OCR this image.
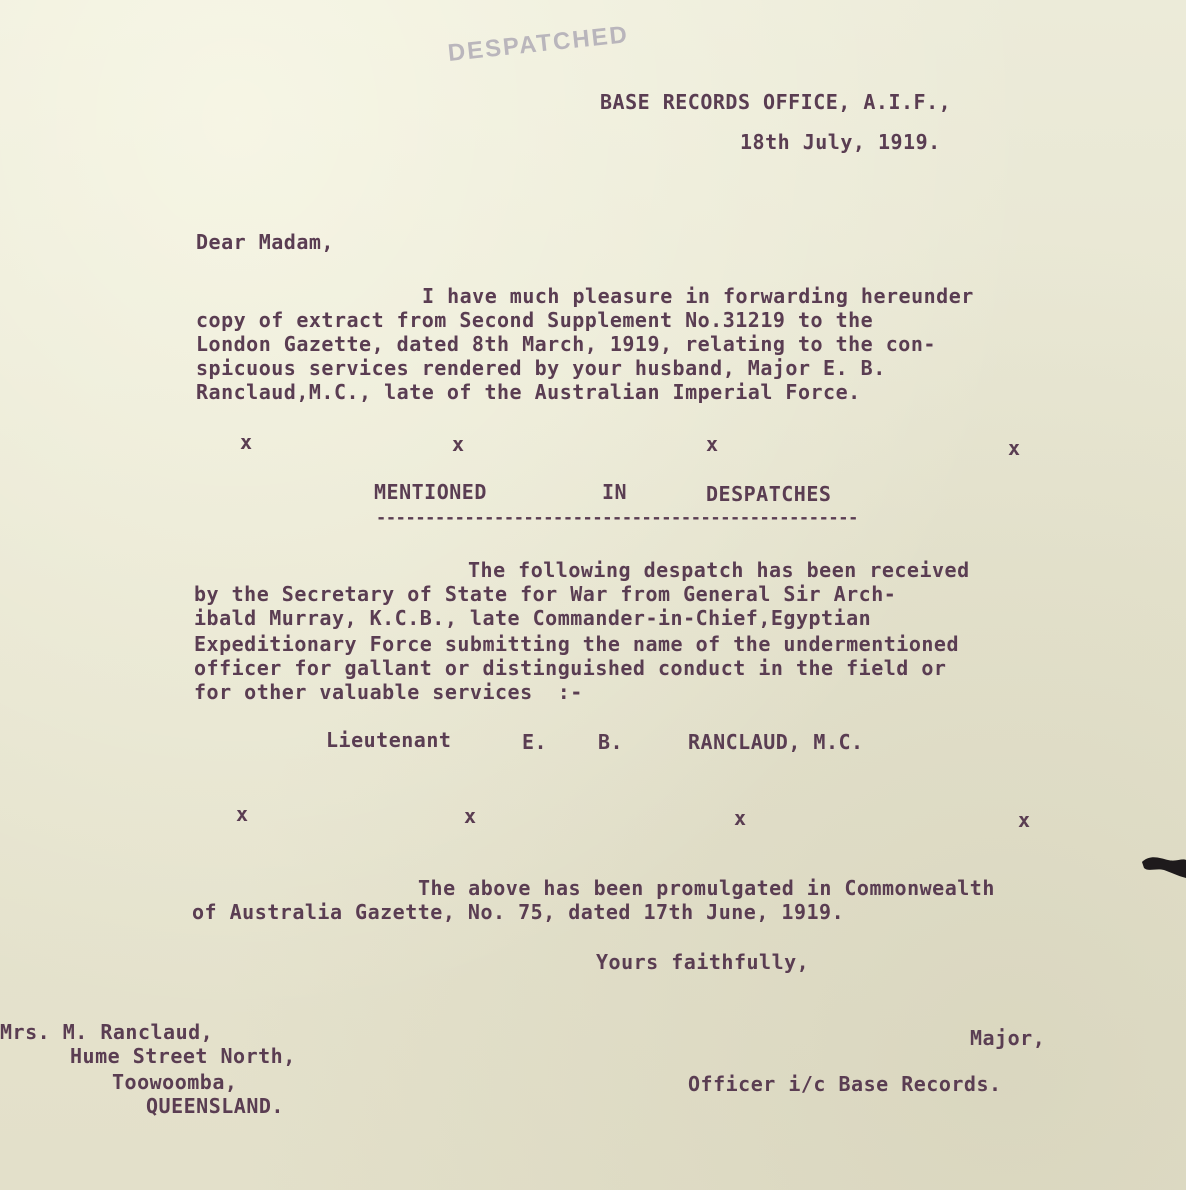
DESPATCHED
BASE RECORDS OFFICE, A.I.F.,
18th July, 1919.
Dear Madam,
I have much pleasure in forwarding hereunder
copy of extract from Second Supplement No.31219 to the
London Gazette, dated 8th March, 1919, relating to the con-
spicuous services rendered by your husband, Major E. B.
Ranclaud,M.C., late of the Australian Imperial Force.
x	x	x	x
MENTIONED	IN	DESPATCHES
-------------------------------------------------
The following despatch has been received
by the Secretary of State for War from General Sir Arch-
ibald Murray, K.C.B., late Commander-in-Chief,Egyptian
Expeditionary Force submitting the name of the undermentioned
officer for gallant or distinguished conduct in the field or
for other valuable services  :-
Lieutenant	E.	B.	RANCLAUD, M.C.
x	x	x	x
The above has been promulgated in Commonwealth
of Australia Gazette, No. 75, dated 17th June, 1919.
Yours faithfully,
Mrs. M. Ranclaud,
Hume Street North,
Toowoomba,
QUEENSLAND.
Major,
Officer i/c Base Records.
